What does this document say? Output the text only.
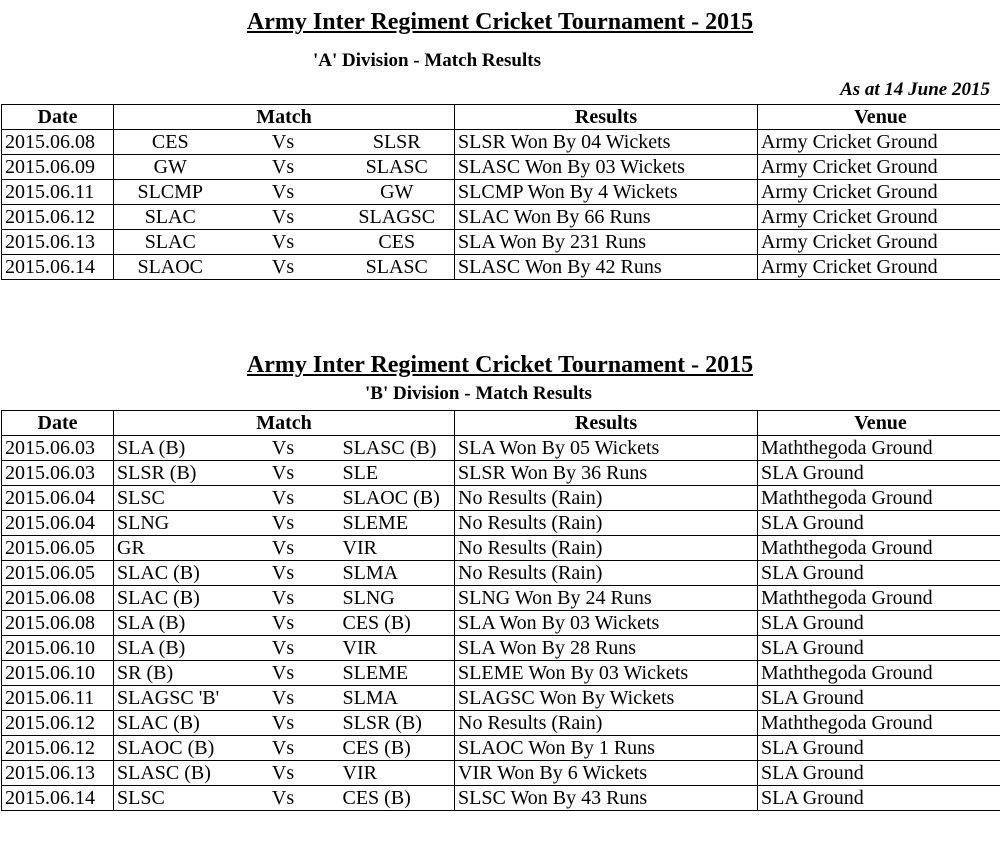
Army Inter Regiment Cricket Tournament - 2015
'A' Division - Match Results
As at 14 June 2015
Date	Match			Results	Venue
2015.06.08	CES	Vs	SLSR	SLSR Won By 04 Wickets	Army Cricket Ground
2015.06.09	GW	Vs	SLASC	SLASC Won By 03 Wickets	Army Cricket Ground
2015.06.11	SLCMP	Vs	GW	SLCMP Won By 4 Wickets	Army Cricket Ground
2015.06.12	SLAC	Vs	SLAGSC	SLAC Won By 66 Runs	Army Cricket Ground
2015.06.13	SLAC	Vs	CES	SLA Won By 231 Runs	Army Cricket Ground
2015.06.14	SLAOC	Vs	SLASC	SLASC Won By 42 Runs	Army Cricket Ground
Army Inter Regiment Cricket Tournament - 2015
'B' Division - Match Results
Date	Match			Results	Venue
2015.06.03	SLA (B)	Vs	SLASC (B)	SLA Won By 05 Wickets	Maththegoda Ground
2015.06.03	SLSR (B)	Vs	SLE	SLSR Won By 36 Runs	SLA Ground
2015.06.04	SLSC	Vs	SLAOC (B)	No Results (Rain)	Maththegoda Ground
2015.06.04	SLNG	Vs	SLEME	No Results (Rain)	SLA Ground
2015.06.05	GR	Vs	VIR	No Results (Rain)	Maththegoda Ground
2015.06.05	SLAC (B)	Vs	SLMA	No Results (Rain)	SLA Ground
2015.06.08	SLAC (B)	Vs	SLNG	SLNG Won By 24 Runs	Maththegoda Ground
2015.06.08	SLA (B)	Vs	CES (B)	SLA Won By 03 Wickets	SLA Ground
2015.06.10	SLA (B)	Vs	VIR	SLA Won By 28 Runs	SLA Ground
2015.06.10	SR (B)	Vs	SLEME	SLEME Won By 03 Wickets	Maththegoda Ground
2015.06.11	SLAGSC 'B'	Vs	SLMA	SLAGSC Won By Wickets	SLA Ground
2015.06.12	SLAC (B)	Vs	SLSR (B)	No Results (Rain)	Maththegoda Ground
2015.06.12	SLAOC (B)	Vs	CES (B)	SLAOC Won By 1 Runs	SLA Ground
2015.06.13	SLASC (B)	Vs	VIR	VIR Won By 6 Wickets	SLA Ground
2015.06.14	SLSC	Vs	CES (B)	SLSC Won By 43 Runs	SLA Ground
